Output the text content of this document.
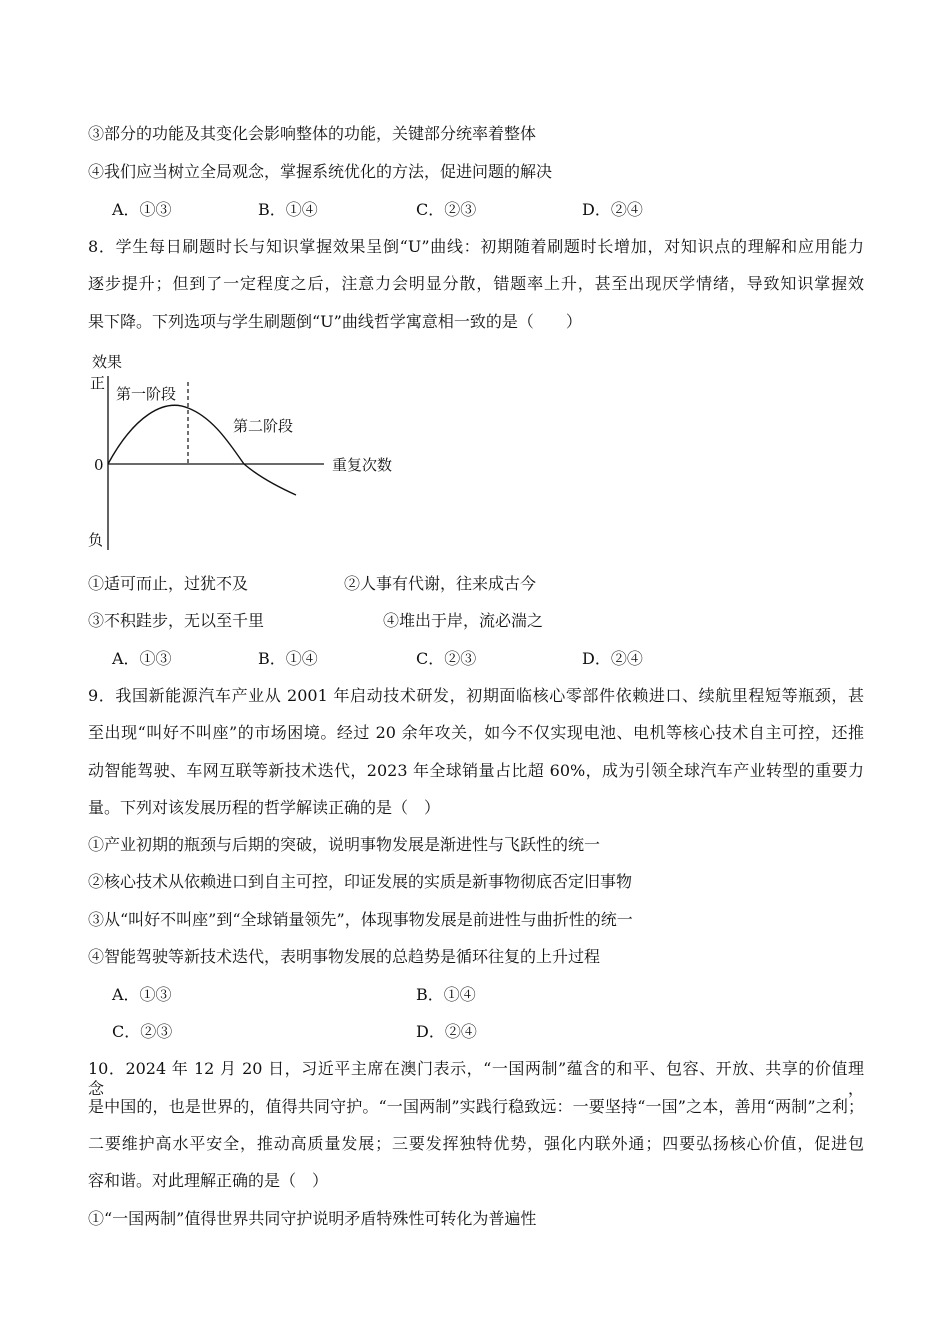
③部分的功能及其变化会影响整体的功能，关键部分统率着整体
④我们应当树立全局观念，掌握系统优化的方法，促进问题的解决
A．①③	B．①④	C．②③	D．②④
8．学生每日刷题时长与知识掌握效果呈倒“U”曲线：初期随着刷题时长增加，对知识点的理解和应用能力
逐步提升；但到了一定程度之后，注意力会明显分散，错题率上升，甚至出现厌学情绪，导致知识掌握效
果下降。下列选项与学生刷题倒“U”曲线哲学寓意相一致的是（　　）
效果
正
0
负
重复次数
第一阶段
第二阶段
①适可而止，过犹不及	②人事有代谢，往来成古今
③不积跬步，无以至千里	④堆出于岸，流必湍之
A．①③	B．①④	C．②③	D．②④
9．我国新能源汽车产业从 2001 年启动技术研发，初期面临核心零部件依赖进口、续航里程短等瓶颈，甚
至出现“叫好不叫座”的市场困境。经过 20 余年攻关，如今不仅实现电池、电机等核心技术自主可控，还推
动智能驾驶、车网互联等新技术迭代，2023 年全球销量占比超 60%，成为引领全球汽车产业转型的重要力
量。下列对该发展历程的哲学解读正确的是（　）
①产业初期的瓶颈与后期的突破，说明事物发展是渐进性与飞跃性的统一
②核心技术从依赖进口到自主可控，印证发展的实质是新事物彻底否定旧事物
③从“叫好不叫座”到“全球销量领先”，体现事物发展是前进性与曲折性的统一
④智能驾驶等新技术迭代，表明事物发展的总趋势是循环往复的上升过程
A．①③	B．①④
C．②③	D．②④
10．2024 年 12 月 20 日，习近平主席在澳门表示，“一国两制”蕴含的和平、包容、开放、共享的价值理念，
是中国的，也是世界的，值得共同守护。“一国两制”实践行稳致远：一要坚持“一国”之本，善用“两制”之利；
二要维护高水平安全，推动高质量发展；三要发挥独特优势，强化内联外通；四要弘扬核心价值，促进包
容和谐。对此理解正确的是（　）
①“一国两制”值得世界共同守护说明矛盾特殊性可转化为普遍性
